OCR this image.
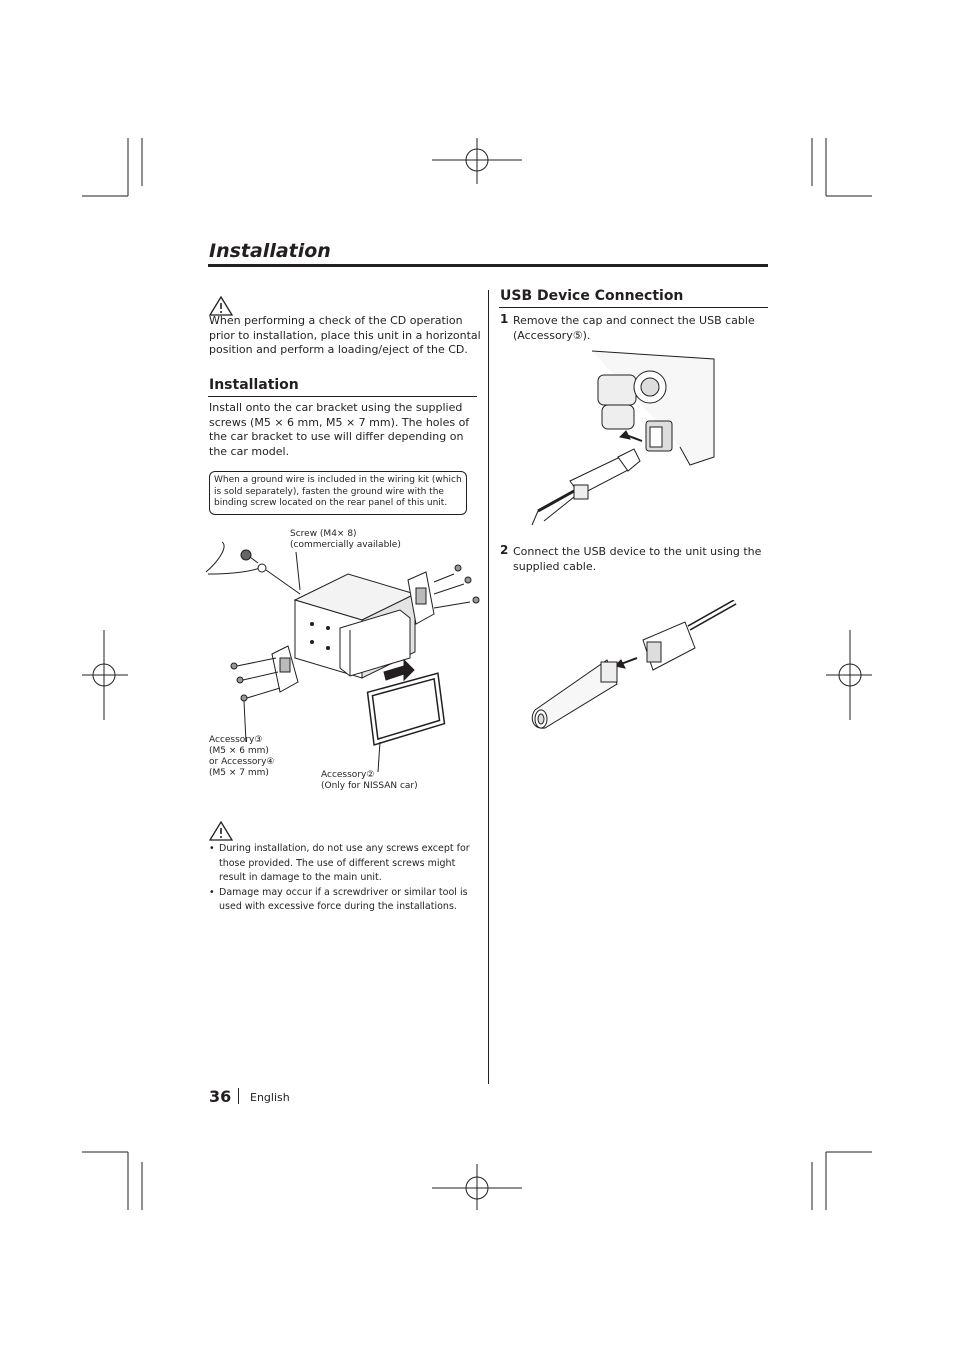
Installation
When performing a check of the CD operation prior to installation, place this unit in a horizontal position and perform a loading/eject of the CD.
Installation
Install onto the car bracket using the supplied screws (M5 × 6 mm, M5 × 7 mm). The holes of the car bracket to use will differ depending on the car model.
When a ground wire is included in the wiring kit (which is sold separately), fasten the ground wire with the binding screw located on the rear panel of this unit.
Screw (M4× 8)
(commercially available)
Accessory③
(M5 × 6 mm)
or Accessory④
(M5 × 7 mm)	Accessory②
(Only for NISSAN car)
• During installation, do not use any screws except for those provided. The use of different screws might result in damage to the main unit.
• Damage may occur if a screwdriver or similar tool is used with excessive force during the installations.
USB Device Connection
1 Remove the cap and connect the USB cable (Accessory⑤).
2 Connect the USB device to the unit using the supplied cable.
36 English
